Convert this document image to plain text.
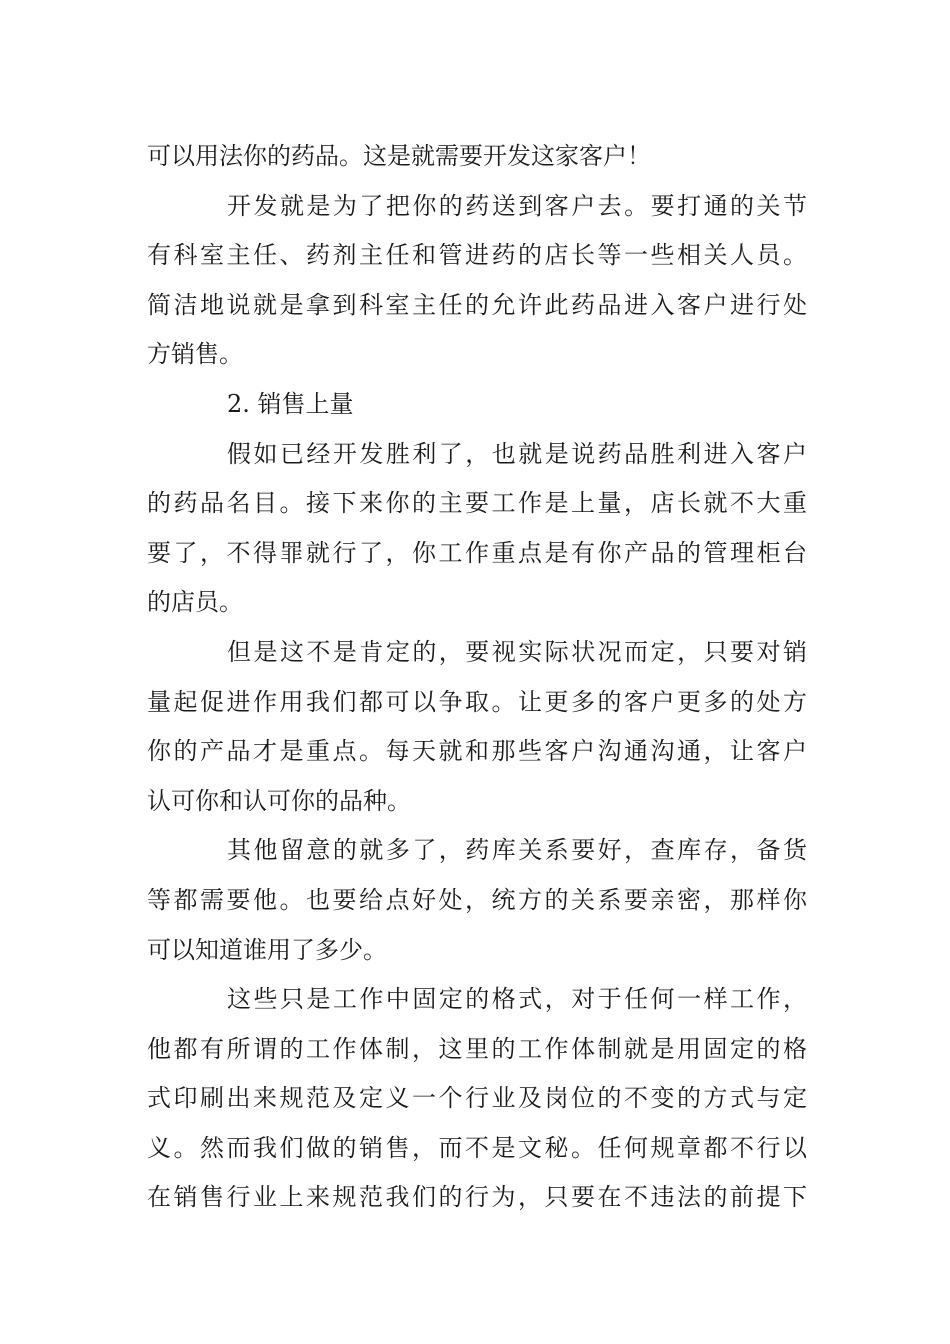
可以用法你的药品。这是就需要开发这家客户！
开发就是为了把你的药送到客户去。要打通的关节
有科室主任、药剂主任和管进药的店长等一些相关人员。
简洁地说就是拿到科室主任的允许此药品进入客户进行处
方销售。
2. 销售上量
假如已经开发胜利了，也就是说药品胜利进入客户
的药品名目。接下来你的主要工作是上量，店长就不大重
要了，不得罪就行了，你工作重点是有你产品的管理柜台
的店员。
但是这不是肯定的，要视实际状况而定，只要对销
量起促进作用我们都可以争取。让更多的客户更多的处方
你的产品才是重点。每天就和那些客户沟通沟通，让客户
认可你和认可你的品种。
其他留意的就多了，药库关系要好，查库存，备货
等都需要他。也要给点好处，统方的关系要亲密，那样你
可以知道谁用了多少。
这些只是工作中固定的格式，对于任何一样工作，
他都有所谓的工作体制，这里的工作体制就是用固定的格
式印刷出来规范及定义一个行业及岗位的不变的方式与定
义。然而我们做的销售，而不是文秘。任何规章都不行以
在销售行业上来规范我们的行为，只要在不违法的前提下
